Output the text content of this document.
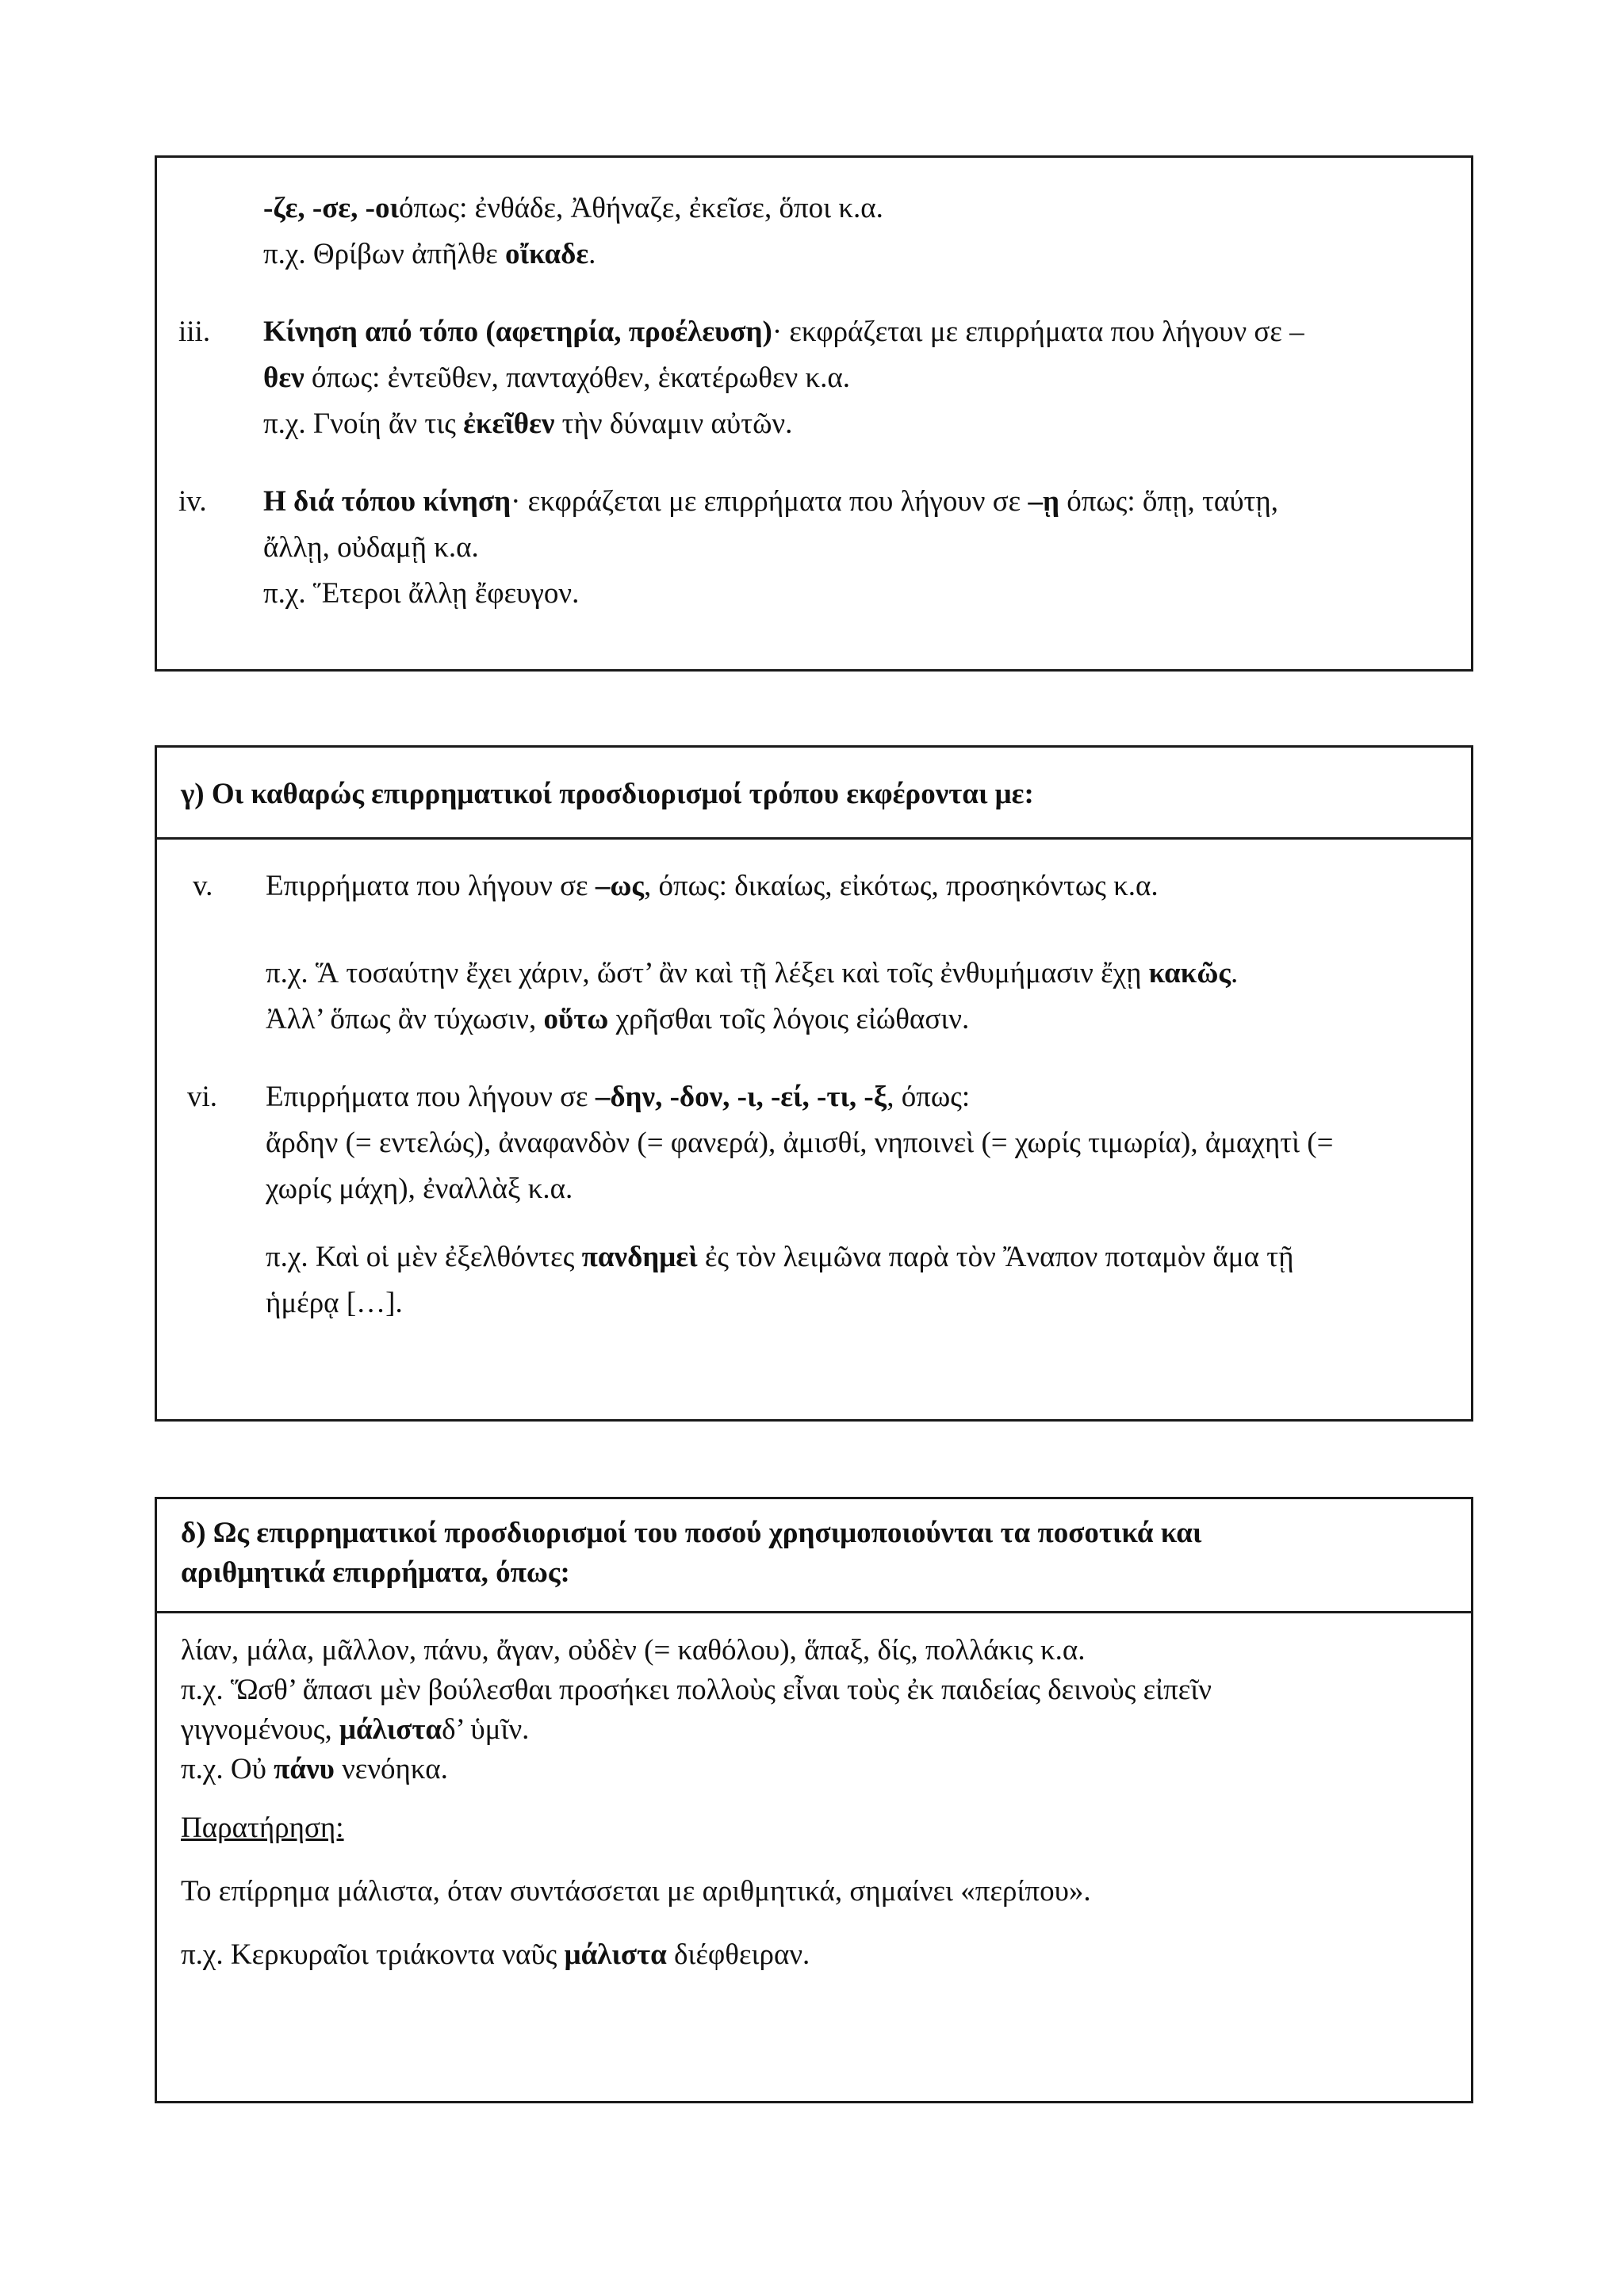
-ζε, -σε, -οιόπως: ἐνθάδε, Ἀθήναζε, ἐκεῖσε, ὅποι κ.α.
π.χ. Θρίβων ἀπῆλθε οἴκαδε.
iii. Κίνηση από τόπο (αφετηρία, προέλευση)· εκφράζεται με επιρρήματα που λήγουν σε –
θεν όπως: ἐντεῦθεν, πανταχόθεν, ἑκατέρωθεν κ.α.
π.χ. Γνοίη ἄν τις ἐκεῖθεν τὴν δύναμιν αὐτῶν.
iv. Η διά τόπου κίνηση· εκφράζεται με επιρρήματα που λήγουν σε –ῃ όπως: ὅπῃ, ταύτῃ,
ἄλλῃ, οὐδαμῇ κ.α.
π.χ. Ἕτεροι ἄλλῃ ἔφευγον.
γ) Οι καθαρώς επιρρηματικοί προσδιορισμοί τρόπου εκφέρονται με:
v. Επιρρήματα που λήγουν σε –ως, όπως: δικαίως, εἰκότως, προσηκόντως κ.α.
π.χ. Ἅ τοσαύτην ἔχει χάριν, ὥστ’ ἂν καὶ τῇ λέξει καὶ τοῖς ἐνθυμήμασιν ἔχῃ κακῶς.
Ἀλλ’ ὅπως ἂν τύχωσιν, οὕτω χρῆσθαι τοῖς λόγοις εἰώθασιν.
vi. Επιρρήματα που λήγουν σε –δην, -δον, -ι, -εί, -τι, -ξ, όπως:
ἄρδην (= εντελώς), ἀναφανδὸν (= φανερά), ἀμισθί, νηποινεὶ (= χωρίς τιμωρία), ἀμαχητὶ (=
χωρίς μάχη), ἐναλλὰξ κ.α.
π.χ. Καὶ οἱ μὲν ἐξελθόντες πανδημεὶ ἐς τὸν λειμῶνα παρὰ τὸν Ἄναπον ποταμὸν ἅμα τῇ
ἡμέρᾳ […].
δ) Ως επιρρηματικοί προσδιορισμοί του ποσού χρησιμοποιούνται τα ποσοτικά και
αριθμητικά επιρρήματα, όπως:
λίαν, μάλα, μᾶλλον, πάνυ, ἄγαν, οὐδὲν (= καθόλου), ἅπαξ, δίς, πολλάκις κ.α.
π.χ. Ὥσθ’ ἅπασι μὲν βούλεσθαι προσήκει πολλοὺς εἶναι τοὺς ἐκ παιδείας δεινοὺς εἰπεῖν
γιγνομένους, μάλισταδ’ ὑμῖν.
π.χ. Οὐ πάνυ νενόηκα.
Παρατήρηση:
Το επίρρημα μάλιστα, όταν συντάσσεται με αριθμητικά, σημαίνει «περίπου».
π.χ. Κερκυραῖοι τριάκοντα ναῦς μάλιστα διέφθειραν.
